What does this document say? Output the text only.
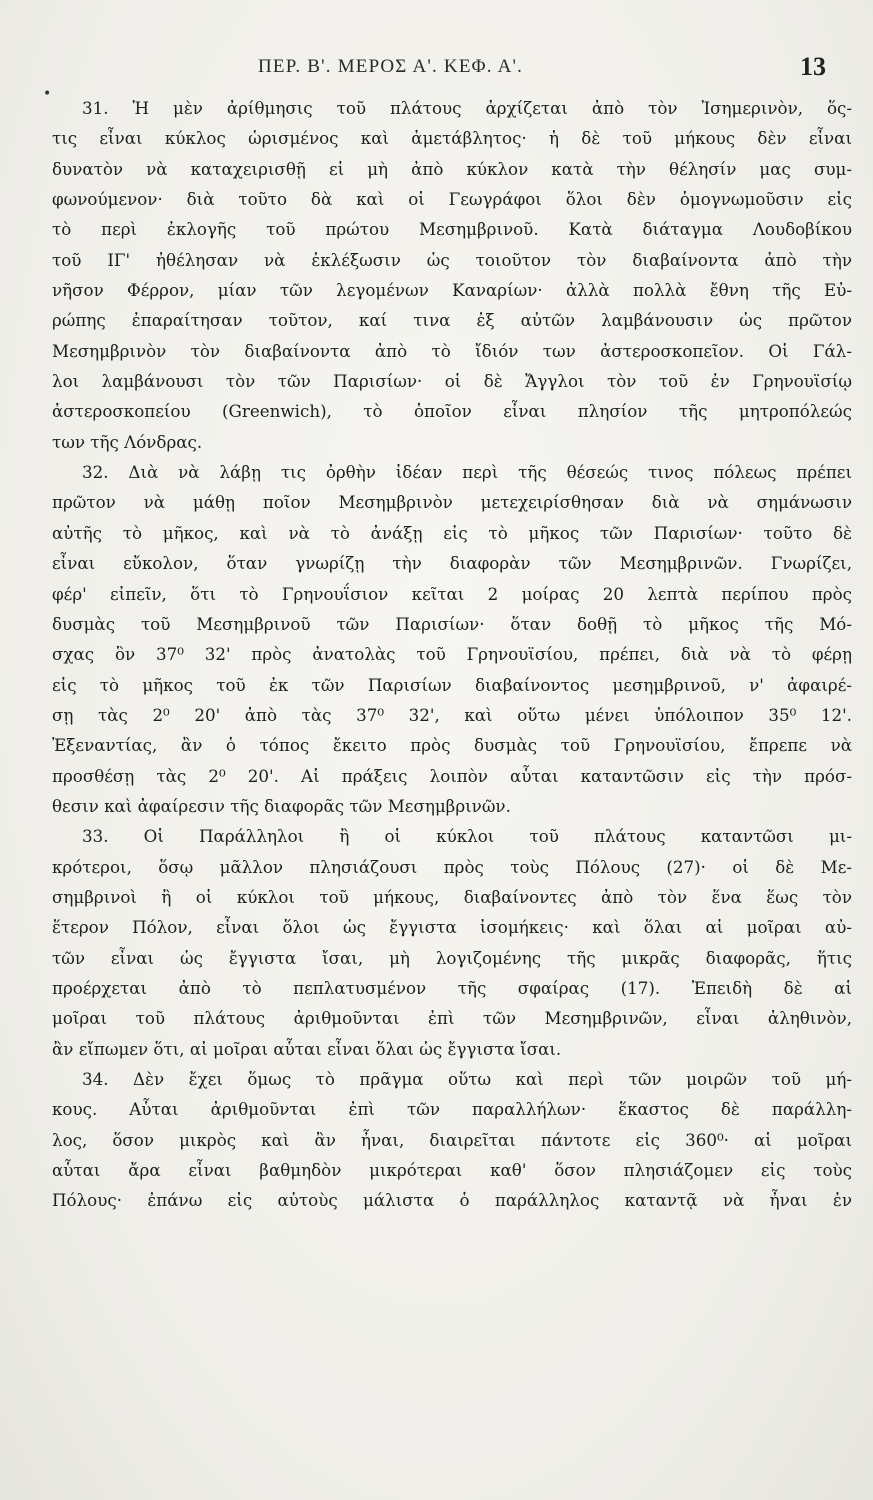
ΠΕΡ. Β'. ΜΕΡΟΣ Α'. ΚΕΦ. Α'.	13
•
31. Ἡ μὲν ἀρίθμησις τοῦ πλάτους ἀρχίζεται ἀπὸ τὸν Ἰσημερινὸν, ὅς-
τις εἶναι κύκλος ὡρισμένος καὶ ἀμετάβλητος· ἡ δὲ τοῦ μήκους δὲν εἶναι
δυνατὸν νὰ καταχειρισθῇ εἰ μὴ ἀπὸ κύκλον κατὰ τὴν θέλησίν μας συμ-
φωνούμενον· διὰ τοῦτο δὰ καὶ οἱ Γεωγράφοι ὅλοι δὲν ὁμογνωμοῦσιν εἰς
τὸ περὶ ἐκλογῆς τοῦ πρώτου Μεσημβρινοῦ. Κατὰ διάταγμα Λουδοβίκου
τοῦ ΙΓ' ἠθέλησαν νὰ ἐκλέξωσιν ὡς τοιοῦτον τὸν διαβαίνοντα ἀπὸ τὴν
νῆσον Φέρρον, μίαν τῶν λεγομένων Καναρίων· ἀλλὰ πολλὰ ἔθνη τῆς Εὐ-
ρώπης ἐπαραίτησαν τοῦτον, καί τινα ἐξ αὐτῶν λαμβάνουσιν ὡς πρῶτον
Μεσημβρινὸν τὸν διαβαίνοντα ἀπὸ τὸ ἴδιόν των ἀστεροσκοπεῖον. Οἱ Γάλ-
λοι λαμβάνουσι τὸν τῶν Παρισίων· οἱ δὲ Ἄγγλοι τὸν τοῦ ἐν Γρηνουϊσίῳ
ἀστεροσκοπείου (Greenwich), τὸ ὁποῖον εἶναι πλησίον τῆς μητροπόλεώς
των τῆς Λόνδρας.
32. Διὰ νὰ λάβῃ τις ὀρθὴν ἰδέαν περὶ τῆς θέσεώς τινος πόλεως πρέπει
πρῶτον νὰ μάθῃ ποῖον Μεσημβρινὸν μετεχειρίσθησαν διὰ νὰ σημάνωσιν
αὐτῆς τὸ μῆκος, καὶ νὰ τὸ ἀνάξῃ εἰς τὸ μῆκος τῶν Παρισίων· τοῦτο δὲ
εἶναι εὔκολον, ὅταν γνωρίζῃ τὴν διαφορὰν τῶν Μεσημβρινῶν. Γνωρίζει,
φέρ' εἰπεῖν, ὅτι τὸ Γρηνουΐσιον κεῖται 2 μοίρας 20 λεπτὰ περίπου πρὸς
δυσμὰς τοῦ Μεσημβρινοῦ τῶν Παρισίων· ὅταν δοθῇ τὸ μῆκος τῆς Μό-
σχας ὃν 37⁰ 32' πρὸς ἀνατολὰς τοῦ Γρηνουϊσίου, πρέπει, διὰ νὰ τὸ φέρῃ
εἰς τὸ μῆκος τοῦ ἐκ τῶν Παρισίων διαβαίνοντος μεσημβρινοῦ, ν' ἀφαιρέ-
σῃ τὰς 2⁰ 20' ἀπὸ τὰς 37⁰ 32', καὶ οὕτω μένει ὑπόλοιπον 35⁰ 12'.
Ἐξεναντίας, ἂν ὁ τόπος ἔκειτο πρὸς δυσμὰς τοῦ Γρηνουϊσίου, ἔπρεπε νὰ
προσθέσῃ τὰς 2⁰ 20'. Αἱ πράξεις λοιπὸν αὗται καταντῶσιν εἰς τὴν πρόσ-
θεσιν καὶ ἀφαίρεσιν τῆς διαφορᾶς τῶν Μεσημβρινῶν.
33. Οἱ Παράλληλοι ἢ οἱ κύκλοι τοῦ πλάτους καταντῶσι μι-
κρότεροι, ὅσῳ μᾶλλον πλησιάζουσι πρὸς τοὺς Πόλους (27)· οἱ δὲ Με-
σημβρινοὶ ἢ οἱ κύκλοι τοῦ μήκους, διαβαίνοντες ἀπὸ τὸν ἕνα ἕως τὸν
ἕτερον Πόλον, εἶναι ὅλοι ὡς ἔγγιστα ἰσομήκεις· καὶ ὅλαι αἱ μοῖραι αὐ-
τῶν εἶναι ὡς ἔγγιστα ἴσαι, μὴ λογιζομένης τῆς μικρᾶς διαφορᾶς, ἥτις
προέρχεται ἀπὸ τὸ πεπλατυσμένον τῆς σφαίρας (17). Ἐπειδὴ δὲ αἱ
μοῖραι τοῦ πλάτους ἀριθμοῦνται ἐπὶ τῶν Μεσημβρινῶν, εἶναι ἀληθινὸν,
ἂν εἴπωμεν ὅτι, αἱ μοῖραι αὗται εἶναι ὅλαι ὡς ἔγγιστα ἴσαι.
34. Δὲν ἔχει ὅμως τὸ πρᾶγμα οὕτω καὶ περὶ τῶν μοιρῶν τοῦ μή-
κους. Αὗται ἀριθμοῦνται ἐπὶ τῶν παραλλήλων· ἕκαστος δὲ παράλλη-
λος, ὅσον μικρὸς καὶ ἂν ἦναι, διαιρεῖται πάντοτε εἰς 360⁰· αἱ μοῖραι
αὗται ἄρα εἶναι βαθμηδὸν μικρότεραι καθ' ὅσον πλησιάζομεν εἰς τοὺς
Πόλους· ἐπάνω εἰς αὐτοὺς μάλιστα ὁ παράλληλος καταντᾷ νὰ ἦναι ἐν
